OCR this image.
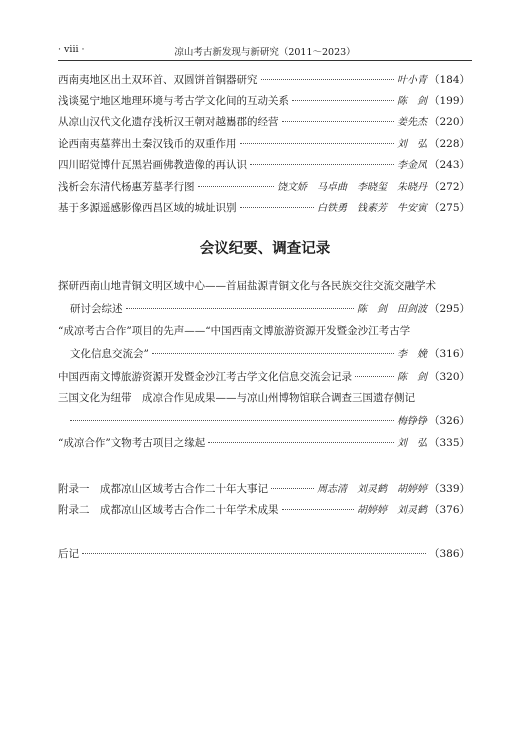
· viii ·	凉山考古新发现与新研究（2011～2023）
西南夷地区出土双环首、双圆饼首铜器研究	叶小青 （184）
浅谈冕宁地区地理环境与考古学文化间的互动关系	陈　剑 （199）
从凉山汉代文化遗存浅析汉王朝对越巂郡的经营	姜先杰 （220）
论西南夷墓葬出土秦汉钱币的双重作用	刘　弘 （228）
四川昭觉博什瓦黑岩画佛教造像的再认识	李金凤 （243）
浅析会东清代杨惠芳墓孝行图	饶文娇　马卓曲　李晓玺　朱晓丹 （272）
基于多源遥感影像西昌区域的城址识别	白铁勇　钱素芳　牛安寅 （275）
会议纪要、调查记录
探研西南山地青铜文明区域中心——首届盐源青铜文化与各民族交往交流交融学术
研讨会综述	陈　剑　田剑波 （295）
“成凉考古合作”项目的先声——“中国西南文博旅游资源开发暨金沙江考古学
文化信息交流会”	李　娩 （316）
中国西南文博旅游资源开发暨金沙江考古学文化信息交流会记录	陈　剑 （320）
三国文化为纽带　成凉合作见成果——与凉山州博物馆联合调查三国遗存侧记
梅铮铮 （326）
“成凉合作”文物考古项目之缘起	刘　弘 （335）
附录一　成都凉山区域考古合作二十年大事记	周志清　刘灵鹤　胡婷婷 （339）
附录二　成都凉山区域考古合作二十年学术成果	胡婷婷　刘灵鹤 （376）
后记	（386）
